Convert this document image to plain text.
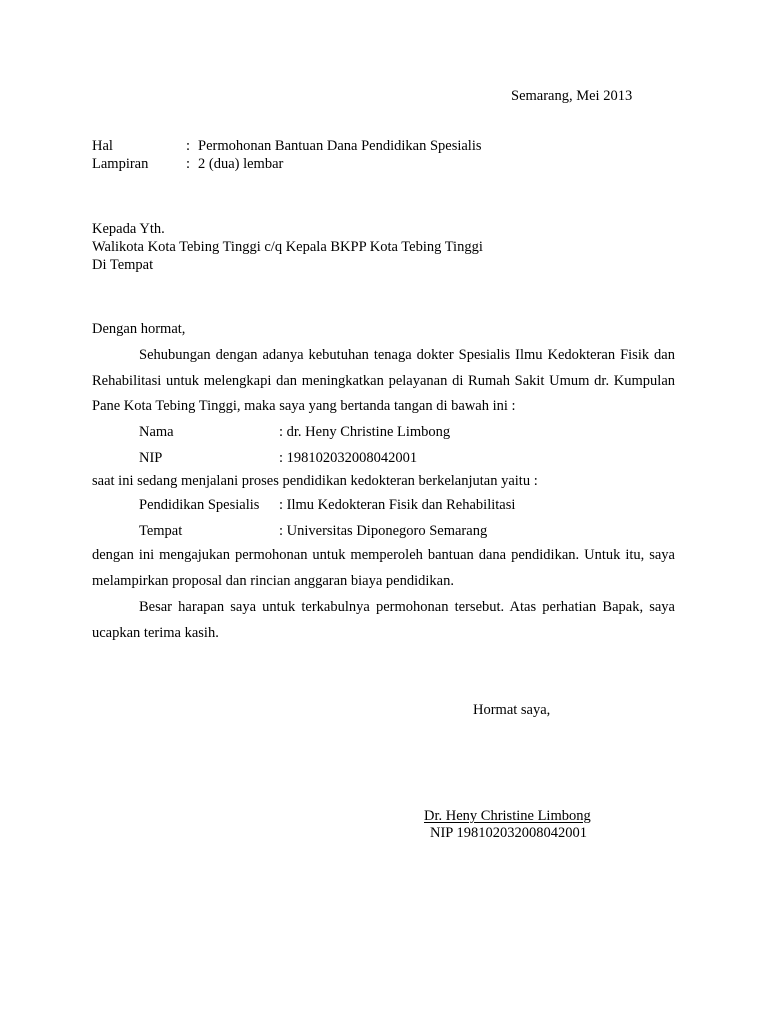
Semarang, Mei 2013
Hal	: Permohonan Bantuan Dana Pendidikan Spesialis
Lampiran	: 2 (dua) lembar
Kepada Yth.
Walikota Kota Tebing Tinggi c/q Kepala BKPP Kota Tebing Tinggi
Di Tempat
Dengan hormat,
Sehubungan dengan adanya kebutuhan tenaga dokter Spesialis Ilmu Kedokteran Fisik dan Rehabilitasi untuk melengkapi dan meningkatkan pelayanan di Rumah Sakit Umum dr. Kumpulan Pane Kota Tebing Tinggi, maka saya yang bertanda tangan di bawah ini :
Nama	: dr. Heny Christine Limbong
NIP	: 198102032008042001
saat ini sedang menjalani proses pendidikan kedokteran berkelanjutan yaitu :
Pendidikan Spesialis : Ilmu Kedokteran Fisik dan Rehabilitasi
Tempat	: Universitas Diponegoro Semarang
dengan ini mengajukan permohonan untuk memperoleh bantuan dana pendidikan. Untuk itu, saya melampirkan proposal dan rincian anggaran biaya pendidikan.
Besar harapan saya untuk terkabulnya permohonan tersebut. Atas perhatian Bapak, saya ucapkan terima kasih.
Hormat saya,
Dr. Heny Christine Limbong
NIP 198102032008042001
